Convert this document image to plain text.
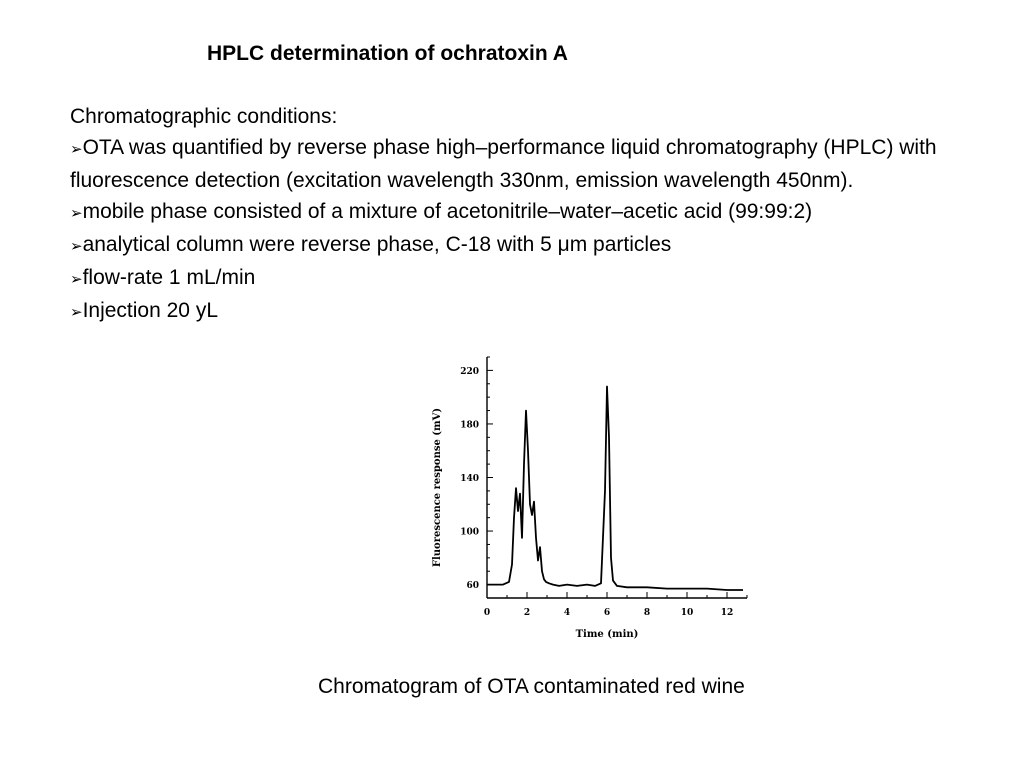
HPLC determination of ochratoxin A

Chromatographic conditions:

➢OTA was quantified by reverse phase high–performance liquid chromatography (HPLC) with fluorescence detection (excitation wavelength 330nm, emission wavelength 450nm).
➢mobile phase consisted of a mixture of acetonitrile–water–acetic acid (99:99:2)
➢analytical column were reverse phase, C-18 with 5 μm particles
➢flow-rate 1 mL/min
➢Injection 20 yL
60
100
140
180
220
0	2	4	6	8	10	12
Time (min)
Fluorescence response (mV)
Chromatogram of OTA contaminated red wine
